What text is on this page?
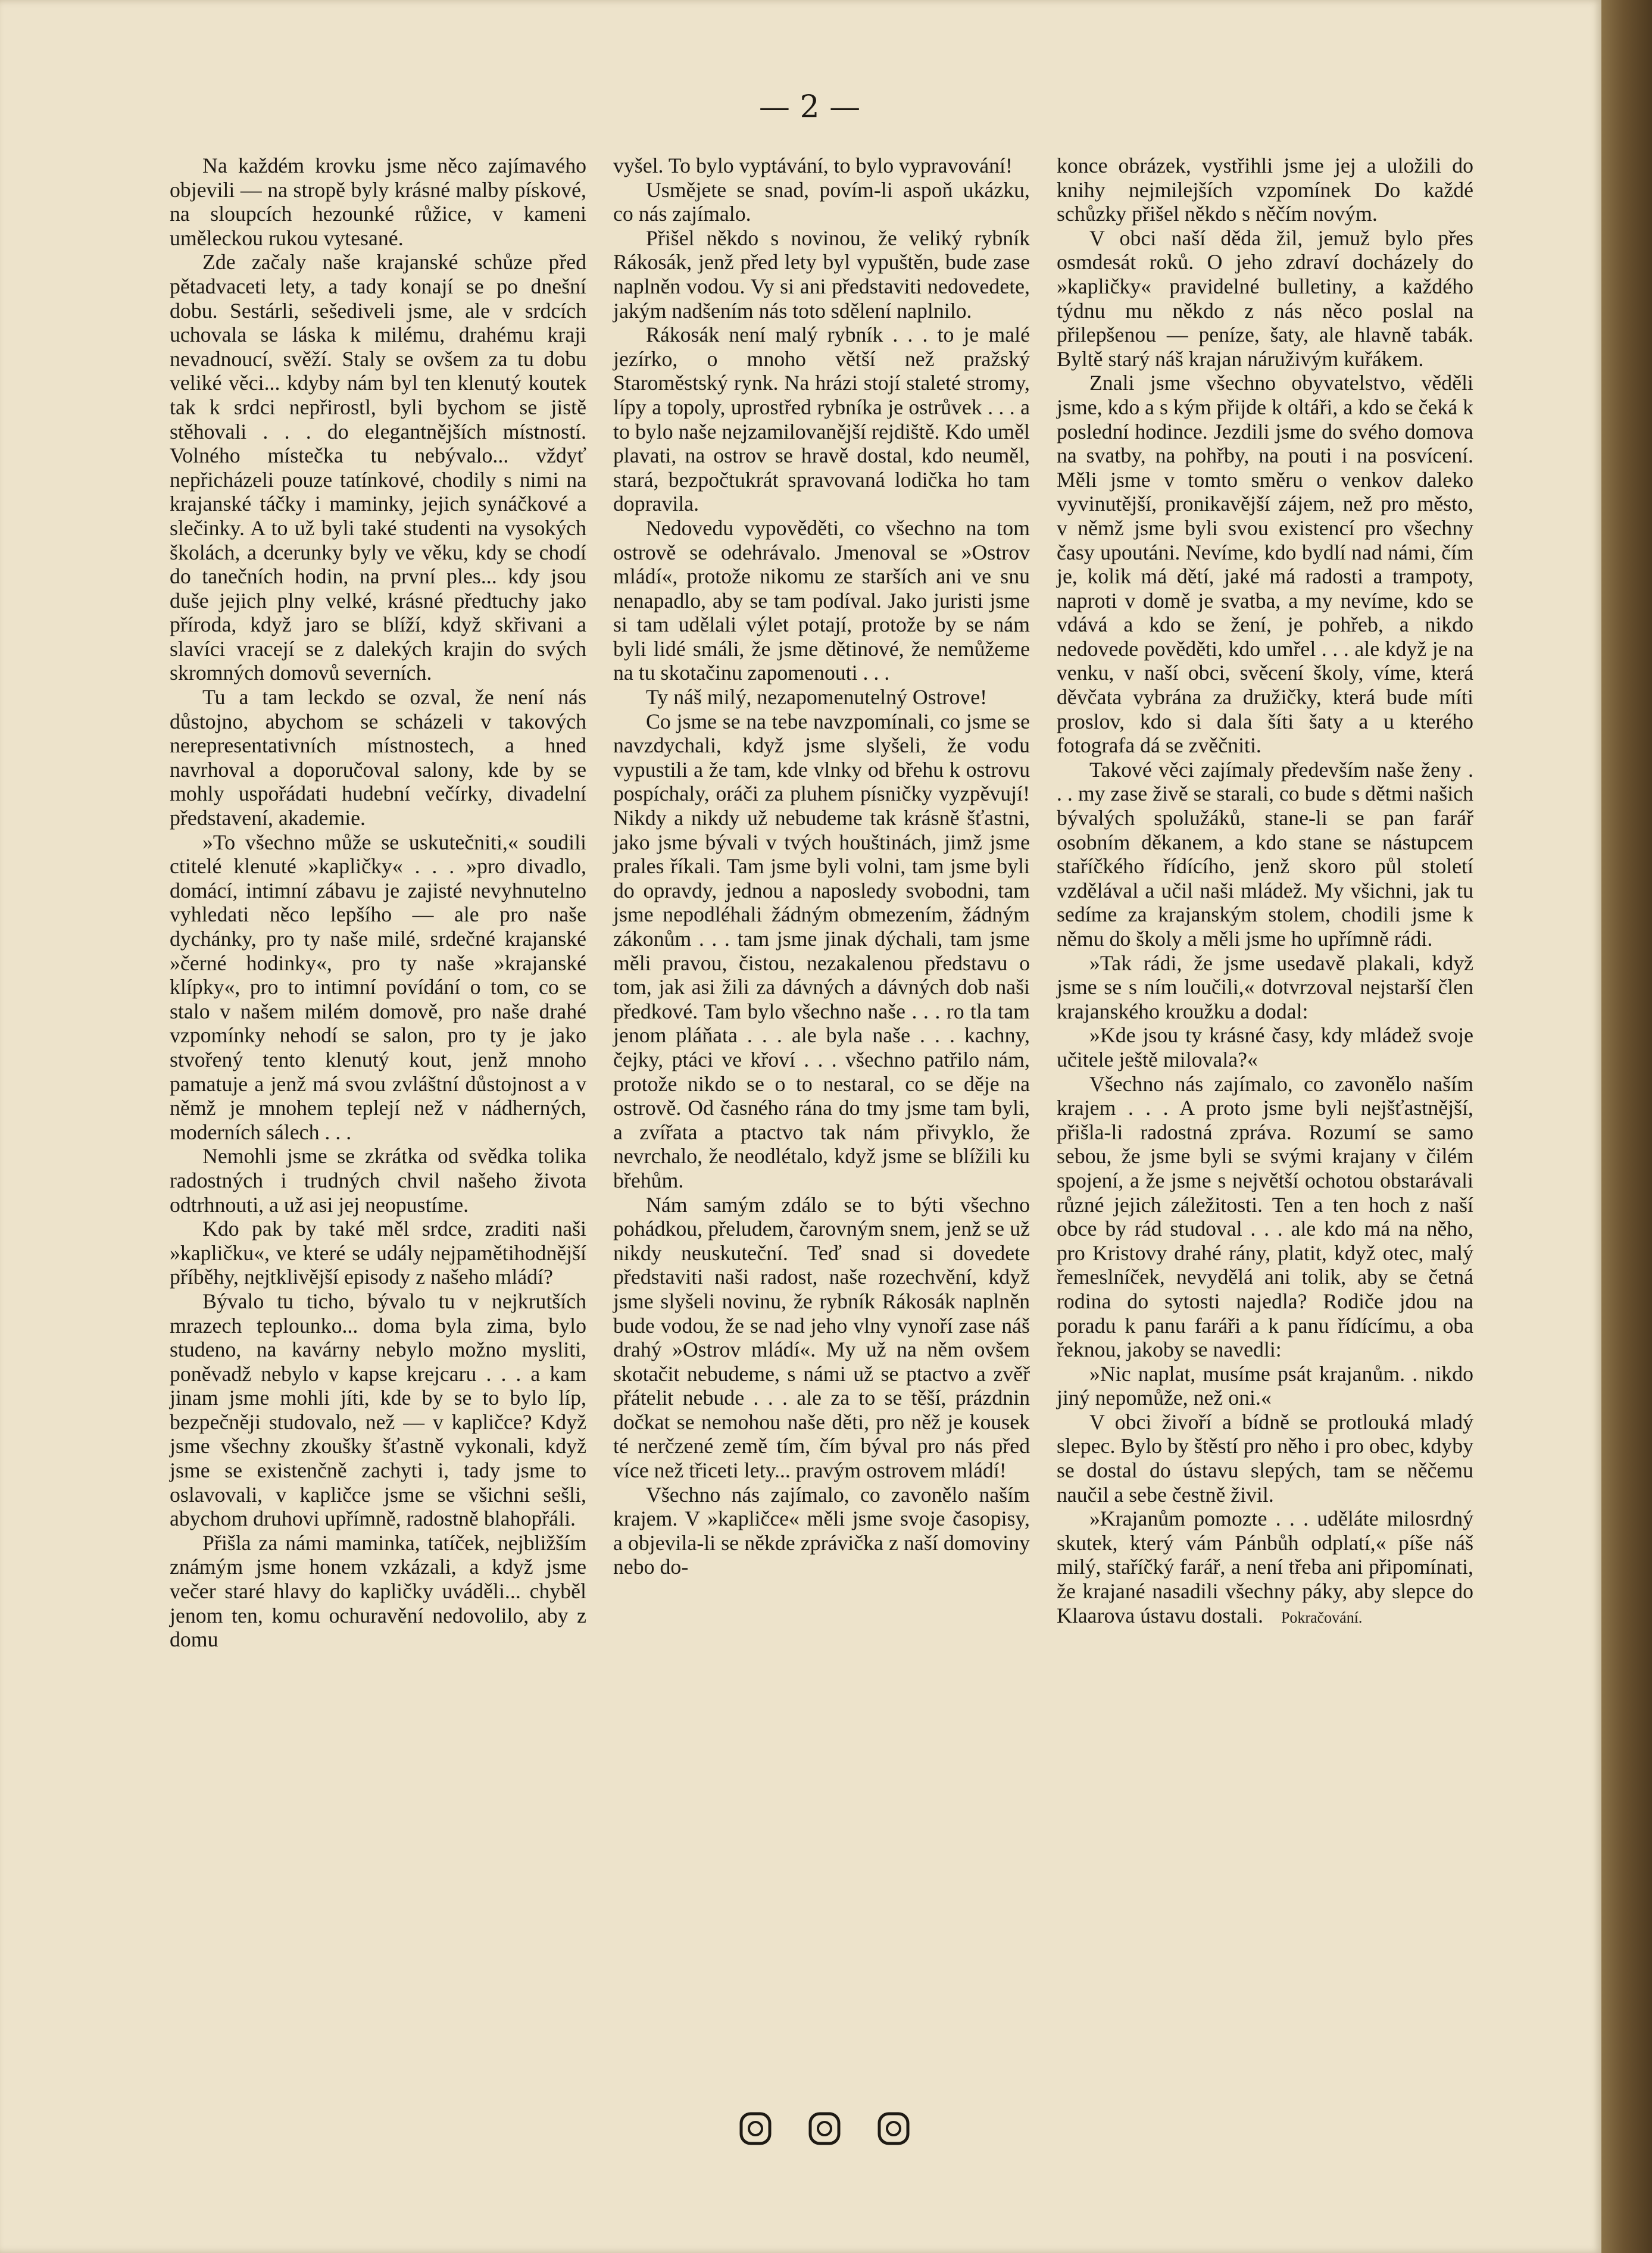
— 2 —

Na každém krovku jsme něco zajímavého objevili — na stropě byly krásné malby pískové, na sloupcích hezounké růžice, v kameni uměleckou rukou vytesané.

Zde začaly naše krajanské schůze před pětadvaceti lety, a tady konají se po dnešní dobu. Sestárli, sešediveli jsme, ale v srdcích uchovala se láska k milému, drahému kraji nevadnoucí, svěží. Staly se ovšem za tu dobu veliké věci... kdyby nám byl ten klenutý koutek tak k srdci nepřirostl, byli bychom se jistě stěhovali . . . do elegantnějších místností. Volného místečka tu nebývalo... vždyť nepřicházeli pouze tatínkové, chodily s nimi na krajanské táčky i maminky, jejich synáčkové a slečinky. A to už byli také studenti na vysokých školách, a dcerunky byly ve věku, kdy se chodí do tanečních hodin, na první ples... kdy jsou duše jejich plny velké, krásné předtuchy jako příroda, když jaro se blíží, když skřivani a slavíci vracejí se z dalekých krajin do svých skromných domovů severních.

Tu a tam leckdo se ozval, že není nás důstojno, abychom se scházeli v takových nerepresentativních místnostech, a hned navrhoval a doporučoval salony, kde by se mohly uspořádati hudební večírky, divadelní představení, akademie.

»To všechno může se uskutečniti,« soudili ctitelé klenuté »kapličky« . . . »pro divadlo, domácí, intimní zábavu je zajisté nevyhnutelno vyhledati něco lepšího — ale pro naše dychánky, pro ty naše milé, srdečné krajanské »černé hodinky«, pro ty naše »krajanské klípky«, pro to intimní povídání o tom, co se stalo v našem milém domově, pro naše drahé vzpomínky nehodí se salon, pro ty je jako stvořený tento klenutý kout, jenž mnoho pamatuje a jenž má svou zvláštní důstojnost a v němž je mnohem teplejí než v nádherných, moderních sálech . . .

Nemohli jsme se zkrátka od svědka tolika radostných i trudných chvil našeho života odtrhnouti, a už asi jej neopustíme.

Kdo pak by také měl srdce, zraditi naši »kapličku«, ve které se udály nejpamětihodnější příběhy, nejtklivější episody z našeho mládí?

Bývalo tu ticho, bývalo tu v nejkrutších mrazech teplounko... doma byla zima, bylo studeno, na kavárny nebylo možno mysliti, poněvadž nebylo v kapse krejcaru . . . a kam jinam jsme mohli jíti, kde by se to bylo líp, bezpečněji studovalo, než — v kapličce? Když jsme všechny zkoušky šťastně vykonali, když jsme se existenčně zachyti i, tady jsme to oslavovali, v kapličce jsme se všichni sešli, abychom druhovi upřímně, radostně blahopřáli.

Přišla za námi maminka, tatíček, nejbližším známým jsme honem vzkázali, a když jsme večer staré hlavy do kapličky uváděli... chyběl jenom ten, komu ochuravění nedovolilo, aby z domu

vyšel. To bylo vyptávání, to bylo vypravování!

Usmějete se snad, povím-li aspoň ukázku, co nás zajímalo.

Přišel někdo s novinou, že veliký rybník Rákosák, jenž před lety byl vypuštěn, bude zase naplněn vodou. Vy si ani představiti nedovedete, jakým nadšením nás toto sdělení naplnilo.

Rákosák není malý rybník . . . to je malé jezírko, o mnoho větší než pražský Staroměstský rynk. Na hrázi stojí staleté stromy, lípy a topoly, uprostřed rybníka je ostrůvek . . . a to bylo naše nejzamilovanější rejdiště. Kdo uměl plavati, na ostrov se hravě dostal, kdo neuměl, stará, bezpočtukrát spravovaná lodička ho tam dopravila.

Nedovedu vypověděti, co všechno na tom ostrově se odehrávalo. Jmenoval se »Ostrov mládí«, protože nikomu ze starších ani ve snu nenapadlo, aby se tam podíval. Jako juristi jsme si tam udělali výlet potají, protože by se nám byli lidé smáli, že jsme dětinové, že nemůžeme na tu skotačinu zapomenouti . . .

Ty náš milý, nezapomenutelný Ostrove!

Co jsme se na tebe navzpomínali, co jsme se navzdychali, když jsme slyšeli, že vodu vypustili a že tam, kde vlnky od břehu k ostrovu pospíchaly, oráči za pluhem písničky vyzpěvují! Nikdy a nikdy už nebudeme tak krásně šťastni, jako jsme bývali v tvých houštinách, jimž jsme prales říkali. Tam jsme byli volni, tam jsme byli do opravdy, jednou a naposledy svobodni, tam jsme nepodléhali žádným obmezením, žádným zákonům . . . tam jsme jinak dýchali, tam jsme měli pravou, čistou, nezakalenou představu o tom, jak asi žili za dávných a dávných dob naši předkové. Tam bylo všechno naše . . . ro tla tam jenom pláňata . . . ale byla naše . . . kachny, čejky, ptáci ve křoví . . . všechno patřilo nám, protože nikdo se o to nestaral, co se děje na ostrově. Od časného rána do tmy jsme tam byli, a zvířata a ptactvo tak nám přivyklo, že nevrchalo, že neodlétalo, když jsme se blížili ku břehům.

Nám samým zdálo se to býti všechno pohádkou, přeludem, čarovným snem, jenž se už nikdy neuskuteční. Teď snad si dovedete představiti naši radost, naše rozechvění, když jsme slyšeli novinu, že rybník Rákosák naplněn bude vodou, že se nad jeho vlny vynoří zase náš drahý »Ostrov mládí«. My už na něm ovšem skotačit nebudeme, s námi už se ptactvo a zvěř přátelit nebude . . . ale za to se těší, prázdnin dočkat se nemohou naše děti, pro něž je kousek té nerčzené země tím, čím býval pro nás před více než třiceti lety... pravým ostrovem mládí!

Všechno nás zajímalo, co zavonělo naším krajem. V »kapličce« měli jsme svoje časopisy, a objevila-li se někde zprávička z naší domoviny nebo do-

konce obrázek, vystřihli jsme jej a uložili do knihy nejmilejších vzpomínek Do každé schůzky přišel někdo s něčím novým.

V obci naší děda žil, jemuž bylo přes osmdesát roků. O jeho zdraví docházely do »kapličky« pravidelné bulletiny, a každého týdnu mu někdo z nás něco poslal na přilepšenou — peníze, šaty, ale hlavně tabák. Byltě starý náš krajan náruživým kuřákem.

Znali jsme všechno obyvatelstvo, věděli jsme, kdo a s kým přijde k oltáři, a kdo se čeká k poslední hodince. Jezdili jsme do svého domova na svatby, na pohřby, na pouti i na posvícení. Měli jsme v tomto směru o venkov daleko vyvinutější, pronikavější zájem, než pro město, v němž jsme byli svou existencí pro všechny časy upoutáni. Nevíme, kdo bydlí nad námi, čím je, kolik má dětí, jaké má radosti a trampoty, naproti v domě je svatba, a my nevíme, kdo se vdává a kdo se žení, je pohřeb, a nikdo nedovede pověděti, kdo umřel . . . ale když je na venku, v naší obci, svěcení školy, víme, která děvčata vybrána za družičky, která bude míti proslov, kdo si dala šíti šaty a u kterého fotografa dá se zvěčniti.

Takové věci zajímaly především naše ženy . . . my zase živě se starali, co bude s dětmi našich bývalých spolužáků, stane-li se pan farář osobním děkanem, a kdo stane se nástupcem staříčkého řídícího, jenž skoro půl století vzdělával a učil naši mládež. My všichni, jak tu sedíme za krajanským stolem, chodili jsme k němu do školy a měli jsme ho upřímně rádi.

»Tak rádi, že jsme usedavě plakali, když jsme se s ním loučili,« dotvrzoval nejstarší člen krajanského kroužku a dodal:

»Kde jsou ty krásné časy, kdy mládež svoje učitele ještě milovala?«

Všechno nás zajímalo, co zavonělo naším krajem . . . A proto jsme byli nejšťastnější, přišla-li radostná zpráva. Rozumí se samo sebou, že jsme byli se svými krajany v čilém spojení, a že jsme s největší ochotou obstarávali různé jejich záležitosti. Ten a ten hoch z naší obce by rád studoval . . . ale kdo má na něho, pro Kristovy drahé rány, platit, když otec, malý řemeslníček, nevydělá ani tolik, aby se četná rodina do sytosti najedla? Rodiče jdou na poradu k panu faráři a k panu řídícímu, a oba řeknou, jakoby se navedli:

»Nic naplat, musíme psát krajanům. . nikdo jiný nepomůže, než oni.«

V obci živoří a bídně se protlouká mladý slepec. Bylo by štěstí pro něho i pro obec, kdyby se dostal do ústavu slepých, tam se něčemu naučil a sebe čestně živil.

»Krajanům pomozte . . . uděláte milosrdný skutek, který vám Pánbůh odplatí,« píše náš milý, staříčký farář, a není třeba ani připomínati, že krajané nasadili všechny páky, aby slepce do Klaarova ústavu dostali. Pokračování.
